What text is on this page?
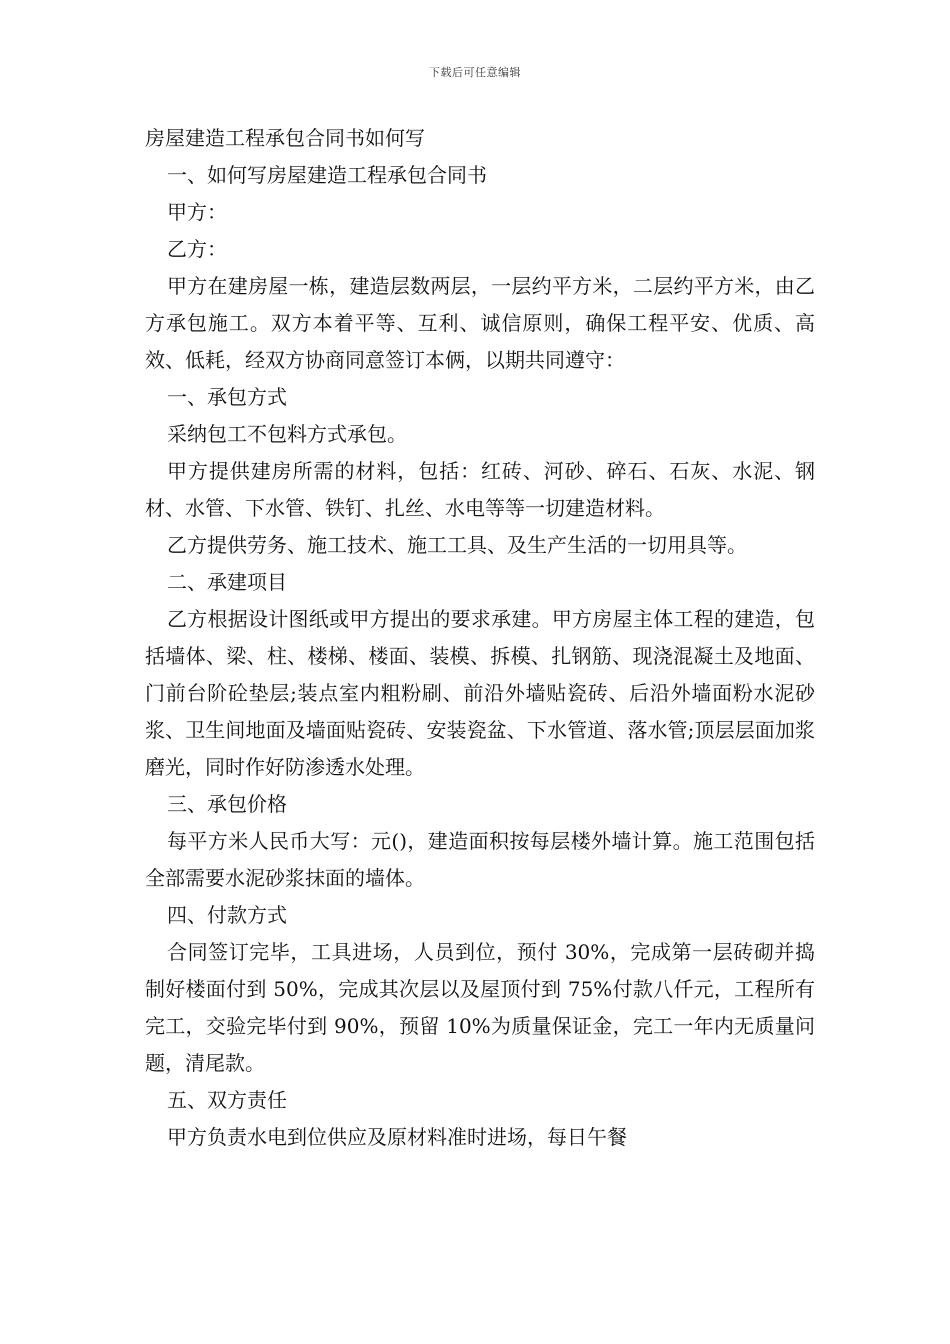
下载后可任意编辑

房屋建造工程承包合同书如何写

一、如何写房屋建造工程承包合同书

甲方：

乙方：

甲方在建房屋一栋，建造层数两层，一层约平方米，二层约平方米，由乙方承包施工。双方本着平等、互利、诚信原则，确保工程平安、优质、高效、低耗，经双方协商同意签订本俩，以期共同遵守：

一、承包方式

采纳包工不包料方式承包。

甲方提供建房所需的材料，包括：红砖、河砂、碎石、石灰、水泥、钢材、水管、下水管、铁钉、扎丝、水电等等一切建造材料。

乙方提供劳务、施工技术、施工工具、及生产生活的一切用具等。

二、承建项目

乙方根据设计图纸或甲方提出的要求承建。甲方房屋主体工程的建造，包括墙体、梁、柱、楼梯、楼面、装模、拆模、扎钢筋、现浇混凝土及地面、门前台阶砼垫层;装点室内粗粉刷、前沿外墙贴瓷砖、后沿外墙面粉水泥砂浆、卫生间地面及墙面贴瓷砖、安装瓷盆、下水管道、落水管;顶层层面加浆磨光，同时作好防渗透水处理。

三、承包价格

每平方米人民币大写：元()，建造面积按每层楼外墙计算。施工范围包括全部需要水泥砂浆抹面的墙体。

四、付款方式

合同签订完毕，工具进场，人员到位，预付 30%，完成第一层砖砌并捣制好楼面付到 50%，完成其次层以及屋顶付到 75%付款八仟元，工程所有完工，交验完毕付到 90%，预留 10%为质量保证金，完工一年内无质量问题，清尾款。

五、双方责任

甲方负责水电到位供应及原材料准时进场，每日午餐
